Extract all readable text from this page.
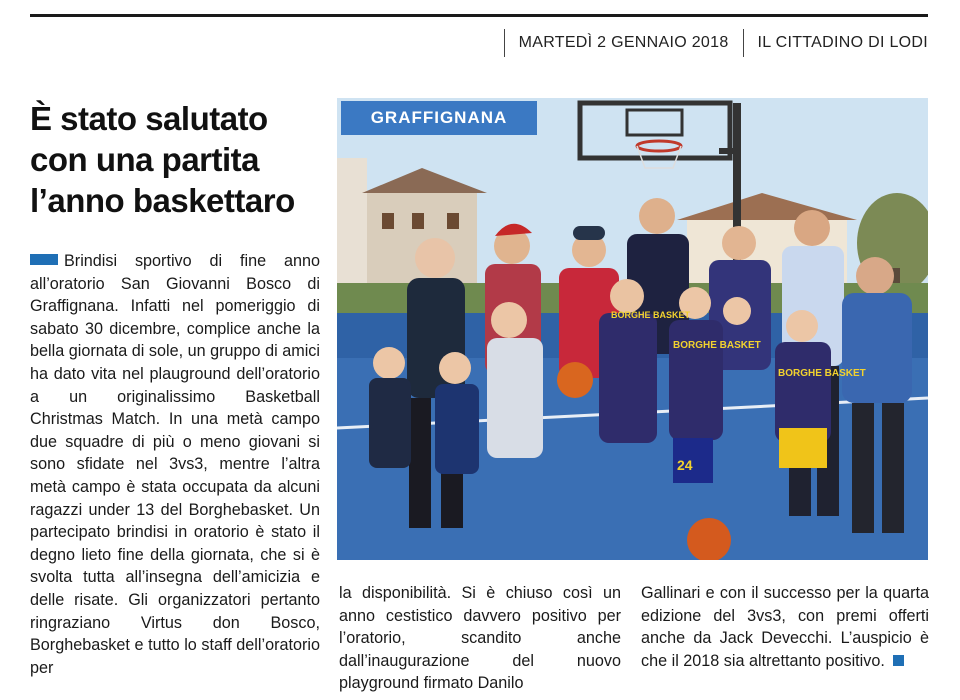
MARTEDÌ 2 GENNAIO 2018 IL CITTADINO DI LODI
È stato salutato con una partita l’anno baskettaro

Brindisi sportivo di fine anno all’oratorio San Giovanni Bosco di Graffignana. Infatti nel pomeriggio di sabato 30 dicembre, complice anche la bella giornata di sole, un gruppo di amici ha dato vita nel plauground dell’oratorio a un originalissimo Basketball Christmas Match. In una metà campo due squadre di più o meno giovani si sono sfidate nel 3vs3, mentre l’altra metà campo è stata occupata da alcuni ragazzi under 13 del Borghebasket. Un partecipato brindisi in oratorio è stato il degno lieto fine della giornata, che si è svolta tutta all’insegna dell’amicizia e delle risate. Gli organizzatori pertanto ringraziano Virtus don Bosco, Borghebasket e tutto lo staff dell’oratorio per

BORGHE BASKET
BORGHE BASKET
BORGHE BASKET
24
GRAFFIGNANA

la disponibilità. Si è chiuso così un anno cestistico davvero positivo per l’oratorio, scandito anche dall’inaugurazione del nuovo playground firmato Danilo

Gallinari e con il successo per la quarta edizione del 3vs3, con premi offerti anche da Jack Devecchi. L’auspicio è che il 2018 sia altrettanto positivo.
